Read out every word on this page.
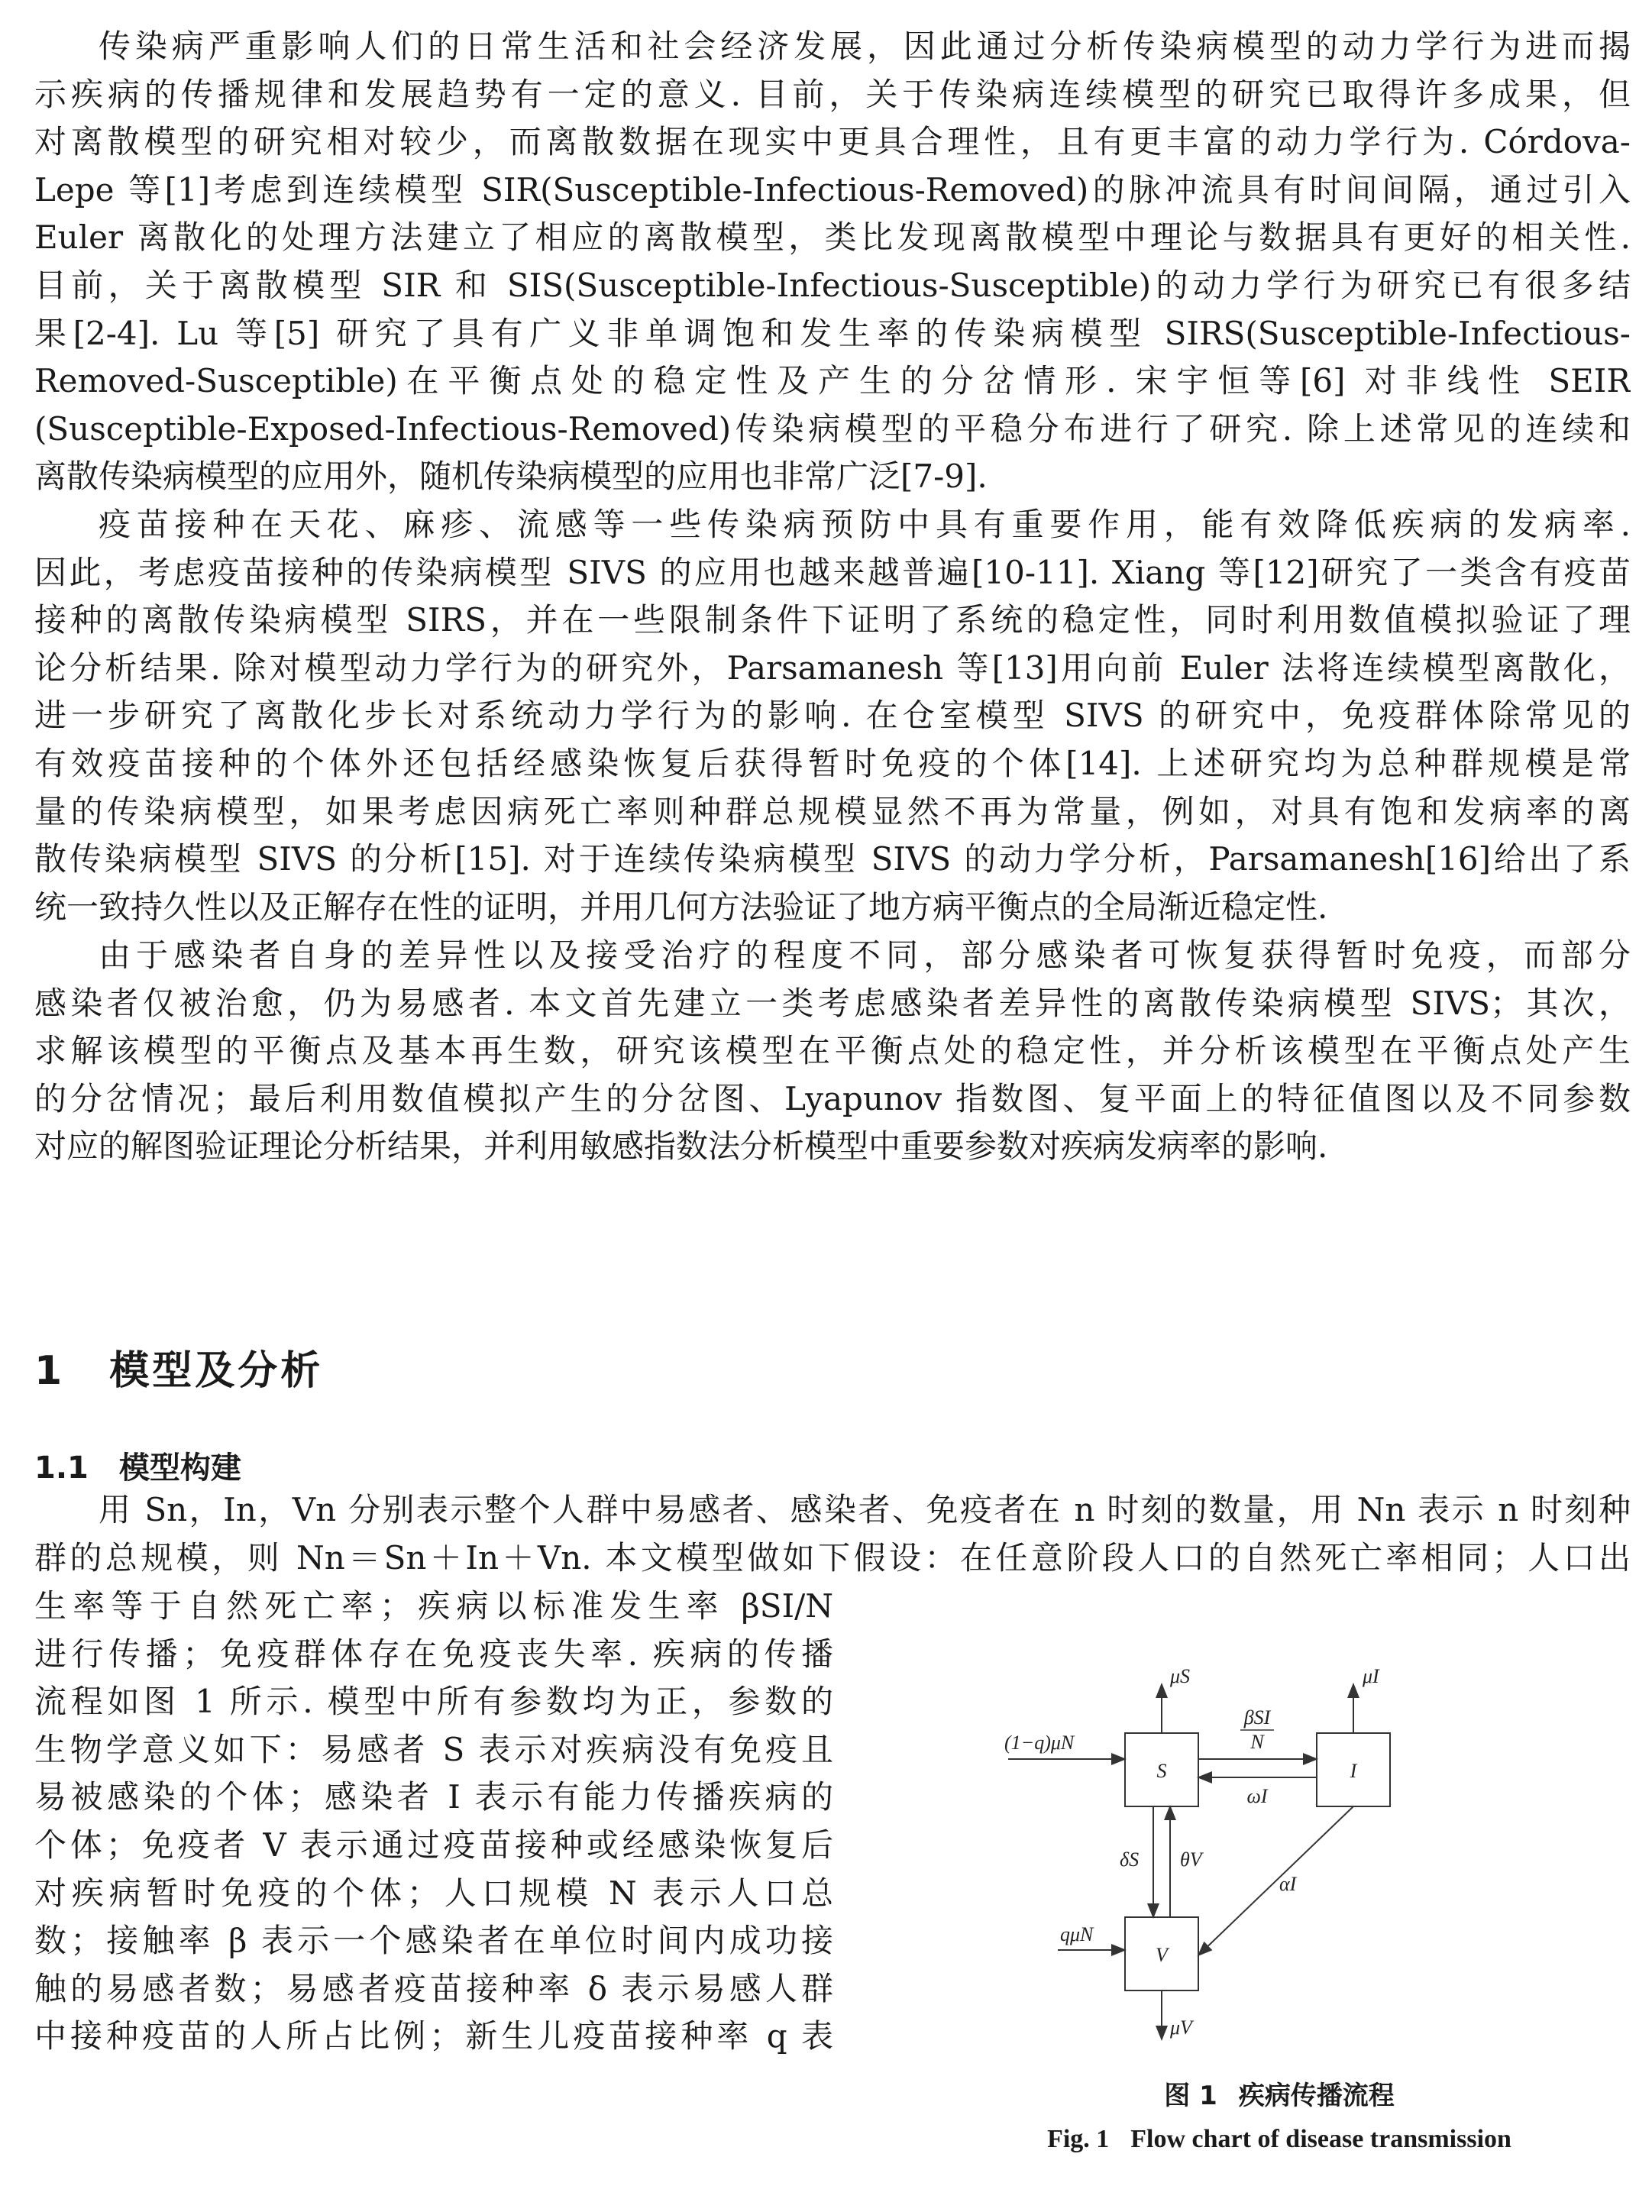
传染病严重影响人们的日常生活和社会经济发展，因此通过分析传染病模型的动力学行为进而揭
示疾病的传播规律和发展趋势有一定的意义. 目前，关于传染病连续模型的研究已取得许多成果，但
对离散模型的研究相对较少，而离散数据在现实中更具合理性，且有更丰富的动力学行为. Córdova-
Lepe 等[1]考虑到连续模型 SIR(Susceptible-Infectious-Removed)的脉冲流具有时间间隔，通过引入
Euler 离散化的处理方法建立了相应的离散模型，类比发现离散模型中理论与数据具有更好的相关性.
目前，关于离散模型 SIR 和 SIS(Susceptible-Infectious-Susceptible)的动力学行为研究已有很多结
果[2-4]. Lu 等[5] 研究了具有广义非单调饱和发生率的传染病模型 SIRS(Susceptible-Infectious-
Removed-Susceptible)在平衡点处的稳定性及产生的分岔情形. 宋宇恒等[6] 对非线性 SEIR
(Susceptible-Exposed-Infectious-Removed)传染病模型的平稳分布进行了研究. 除上述常见的连续和
离散传染病模型的应用外，随机传染病模型的应用也非常广泛[7-9].
疫苗接种在天花、麻疹、流感等一些传染病预防中具有重要作用，能有效降低疾病的发病率.
因此，考虑疫苗接种的传染病模型 SIVS 的应用也越来越普遍[10-11]. Xiang 等[12]研究了一类含有疫苗
接种的离散传染病模型 SIRS，并在一些限制条件下证明了系统的稳定性，同时利用数值模拟验证了理
论分析结果. 除对模型动力学行为的研究外，Parsamanesh 等[13]用向前 Euler 法将连续模型离散化，
进一步研究了离散化步长对系统动力学行为的影响. 在仓室模型 SIVS 的研究中，免疫群体除常见的
有效疫苗接种的个体外还包括经感染恢复后获得暂时免疫的个体[14]. 上述研究均为总种群规模是常
量的传染病模型，如果考虑因病死亡率则种群总规模显然不再为常量，例如，对具有饱和发病率的离
散传染病模型 SIVS 的分析[15]. 对于连续传染病模型 SIVS 的动力学分析，Parsamanesh[16]给出了系
统一致持久性以及正解存在性的证明，并用几何方法验证了地方病平衡点的全局渐近稳定性.
由于感染者自身的差异性以及接受治疗的程度不同，部分感染者可恢复获得暂时免疫，而部分
感染者仅被治愈，仍为易感者. 本文首先建立一类考虑感染者差异性的离散传染病模型 SIVS；其次，
求解该模型的平衡点及基本再生数，研究该模型在平衡点处的稳定性，并分析该模型在平衡点处产生
的分岔情况；最后利用数值模拟产生的分岔图、Lyapunov 指数图、复平面上的特征值图以及不同参数
对应的解图验证理论分析结果，并利用敏感指数法分析模型中重要参数对疾病发病率的影响.
1 模型及分析
1.1 模型构建
用 Sn，In，Vn 分别表示整个人群中易感者、感染者、免疫者在 n 时刻的数量，用 Nn 表示 n 时刻种
群的总规模，则 Nn＝Sn＋In＋Vn. 本文模型做如下假设：在任意阶段人口的自然死亡率相同；人口出
生率等于自然死亡率；疾病以标准发生率 βSI/N
进行传播；免疫群体存在免疫丧失率. 疾病的传播
流程如图 1 所示. 模型中所有参数均为正，参数的
生物学意义如下：易感者 S 表示对疾病没有免疫且
易被感染的个体；感染者 I 表示有能力传播疾病的
个体；免疫者 V 表示通过疫苗接种或经感染恢复后
对疾病暂时免疫的个体；人口规模 N 表示人口总
数；接触率 β 表示一个感染者在单位时间内成功接
触的易感者数；易感者疫苗接种率 δ 表示易感人群
中接种疫苗的人所占比例；新生儿疫苗接种率 q 表
S	I
V
μS	μI
μV
(1−q)μN
qμN
βSI
N
ωI
δS θV
αI

图 1 疾病传播流程

Fig. 1 Flow chart of disease transmission
